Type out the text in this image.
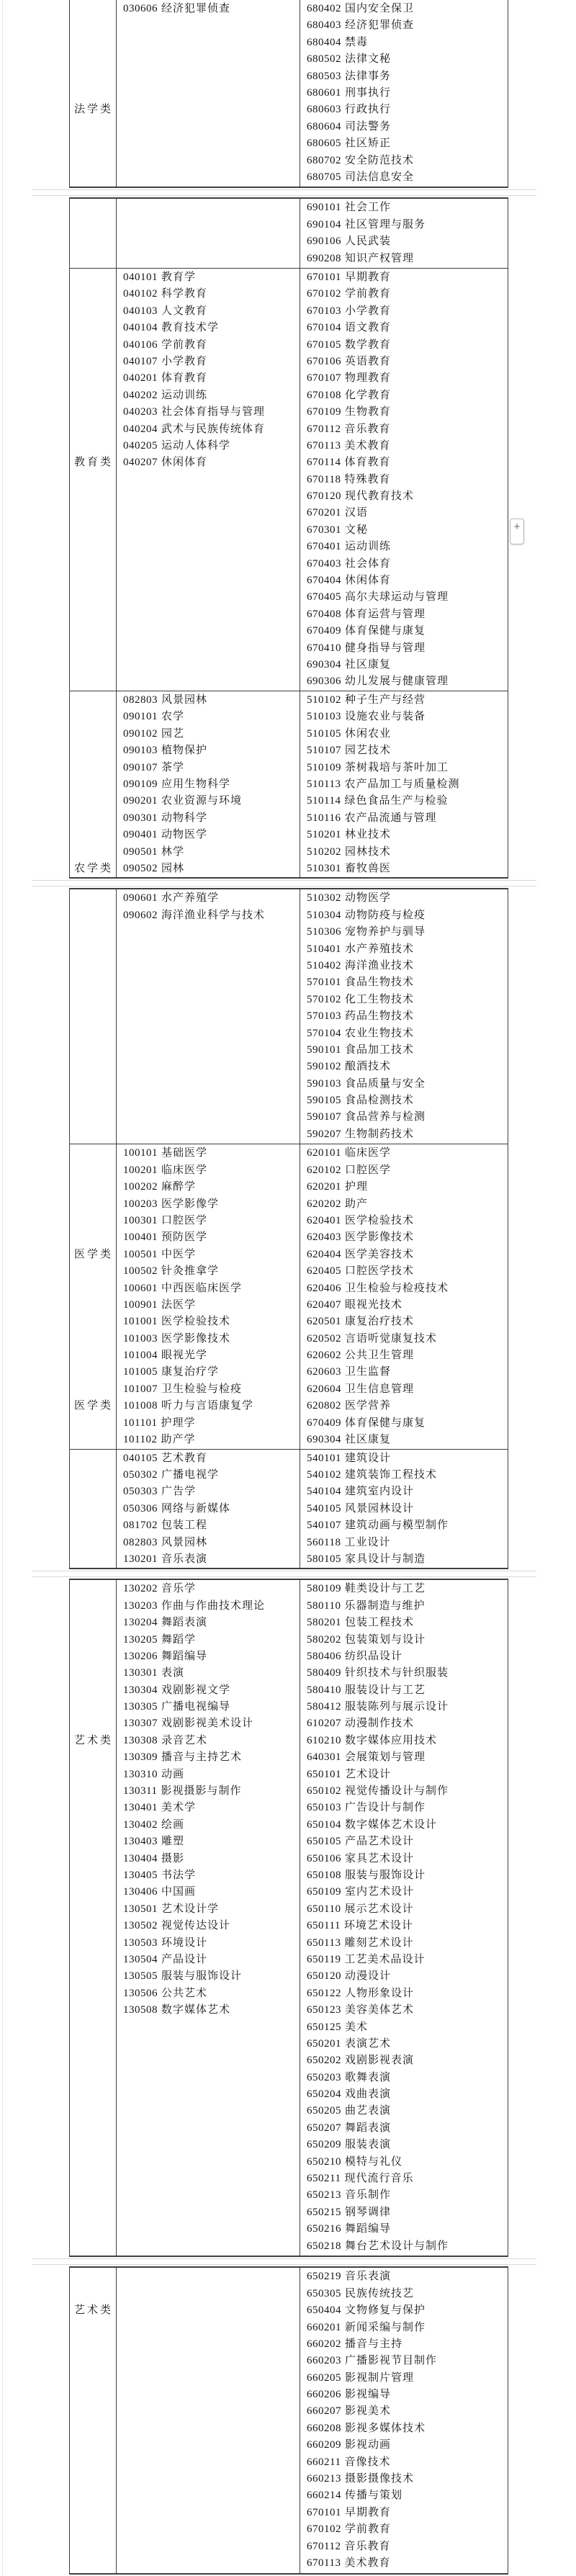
法学类
030606 经济犯罪侦查	680402 国内安全保卫
680403 经济犯罪侦查
680404 禁毒
680502 法律文秘
680503 法律事务
680601 刑事执行
680603 行政执行
680604 司法警务
680605 社区矫正
680702 安全防范技术
680705 司法信息安全
690101 社会工作
690104 社区管理与服务
690106 人民武装
690208 知识产权管理
教育类
040101 教育学
040102 科学教育
040103 人文教育
040104 教育技术学
040106 学前教育
040107 小学教育
040201 体育教育
040202 运动训练
040203 社会体育指导与管理
040204 武术与民族传统体育
040205 运动人体科学
040207 休闲体育
670101 早期教育
670102 学前教育
670103 小学教育
670104 语文教育
670105 数学教育
670106 英语教育
670107 物理教育
670108 化学教育
670109 生物教育
670112 音乐教育
670113 美术教育
670114 体育教育
670118 特殊教育
670120 现代教育技术
670201 汉语
670301 文秘
670401 运动训练
670403 社会体育
670404 休闲体育
670405 高尔夫球运动与管理
670408 体育运营与管理
670409 体育保健与康复
670410 健身指导与管理
690304 社区康复
690306 幼儿发展与健康管理
农学类
082803 风景园林
090101 农学
090102 园艺
090103 植物保护
090107 茶学
090109 应用生物科学
090201 农业资源与环境
090301 动物科学
090401 动物医学
090501 林学
090502 园林
510102 种子生产与经营
510103 设施农业与装备
510105 休闲农业
510107 园艺技术
510109 茶树栽培与茶叶加工
510113 农产品加工与质量检测
510114 绿色食品生产与检验
510116 农产品流通与管理
510201 林业技术
510202 园林技术
510301 畜牧兽医
090601 水产养殖学
090602 海洋渔业科学与技术
510302 动物医学
510304 动物防疫与检疫
510306 宠物养护与驯导
510401 水产养殖技术
510402 海洋渔业技术
570101 食品生物技术
570102 化工生物技术
570103 药品生物技术
570104 农业生物技术
590101 食品加工技术
590102 酿酒技术
590103 食品质量与安全
590105 食品检测技术
590107 食品营养与检测
590207 生物制药技术
医学类
医学类
100101 基础医学
100201 临床医学
100202 麻醉学
100203 医学影像学
100301 口腔医学
100401 预防医学
100501 中医学
100502 针灸推拿学
100601 中西医临床医学
100901 法医学
101001 医学检验技术
101003 医学影像技术
101004 眼视光学
101005 康复治疗学
101007 卫生检验与检疫
101008 听力与言语康复学
101101 护理学
101102 助产学
620101 临床医学
620102 口腔医学
620201 护理
620202 助产
620401 医学检验技术
620403 医学影像技术
620404 医学美容技术
620405 口腔医学技术
620406 卫生检验与检疫技术
620407 眼视光技术
620501 康复治疗技术
620502 言语听觉康复技术
620602 公共卫生管理
620603 卫生监督
620604 卫生信息管理
620802 医学营养
670409 体育保健与康复
690304 社区康复
040105 艺术教育
050302 广播电视学
050303 广告学
050306 网络与新媒体
081702 包装工程
082803 风景园林
130201 音乐表演
540101 建筑设计
540102 建筑装饰工程技术
540104 建筑室内设计
540105 风景园林设计
540107 建筑动画与模型制作
560118 工业设计
580105 家具设计与制造
艺术类
130202 音乐学
130203 作曲与作曲技术理论
130204 舞蹈表演
130205 舞蹈学
130206 舞蹈编导
130301 表演
130304 戏剧影视文学
130305 广播电视编导
130307 戏剧影视美术设计
130308 录音艺术
130309 播音与主持艺术
130310 动画
130311 影视摄影与制作
130401 美术学
130402 绘画
130403 雕塑
130404 摄影
130405 书法学
130406 中国画
130501 艺术设计学
130502 视觉传达设计
130503 环境设计
130504 产品设计
130505 服装与服饰设计
130506 公共艺术
130508 数字媒体艺术
580109 鞋类设计与工艺
580110 乐器制造与维护
580201 包装工程技术
580202 包装策划与设计
580406 纺织品设计
580409 针织技术与针织服装
580410 服装设计与工艺
580412 服装陈列与展示设计
610207 动漫制作技术
610210 数字媒体应用技术
640301 会展策划与管理
650101 艺术设计
650102 视觉传播设计与制作
650103 广告设计与制作
650104 数字媒体艺术设计
650105 产品艺术设计
650106 家具艺术设计
650108 服装与服饰设计
650109 室内艺术设计
650110 展示艺术设计
650111 环境艺术设计
650113 雕刻艺术设计
650119 工艺美术品设计
650120 动漫设计
650122 人物形象设计
650123 美容美体艺术
650125 美术
650201 表演艺术
650202 戏剧影视表演
650203 歌舞表演
650204 戏曲表演
650205 曲艺表演
650207 舞蹈表演
650209 服装表演
650210 模特与礼仪
650211 现代流行音乐
650213 音乐制作
650215 钢琴调律
650216 舞蹈编导
650218 舞台艺术设计与制作
艺术类
650219 音乐表演
650305 民族传统技艺
650404 文物修复与保护
660201 新闻采编与制作
660202 播音与主持
660203 广播影视节目制作
660205 影视制片管理
660206 影视编导
660207 影视美术
660208 影视多媒体技术
660209 影视动画
660211 音像技术
660213 摄影摄像技术
660214 传播与策划
670101 早期教育
670102 学前教育
670112 音乐教育
670113 美术教育
+
